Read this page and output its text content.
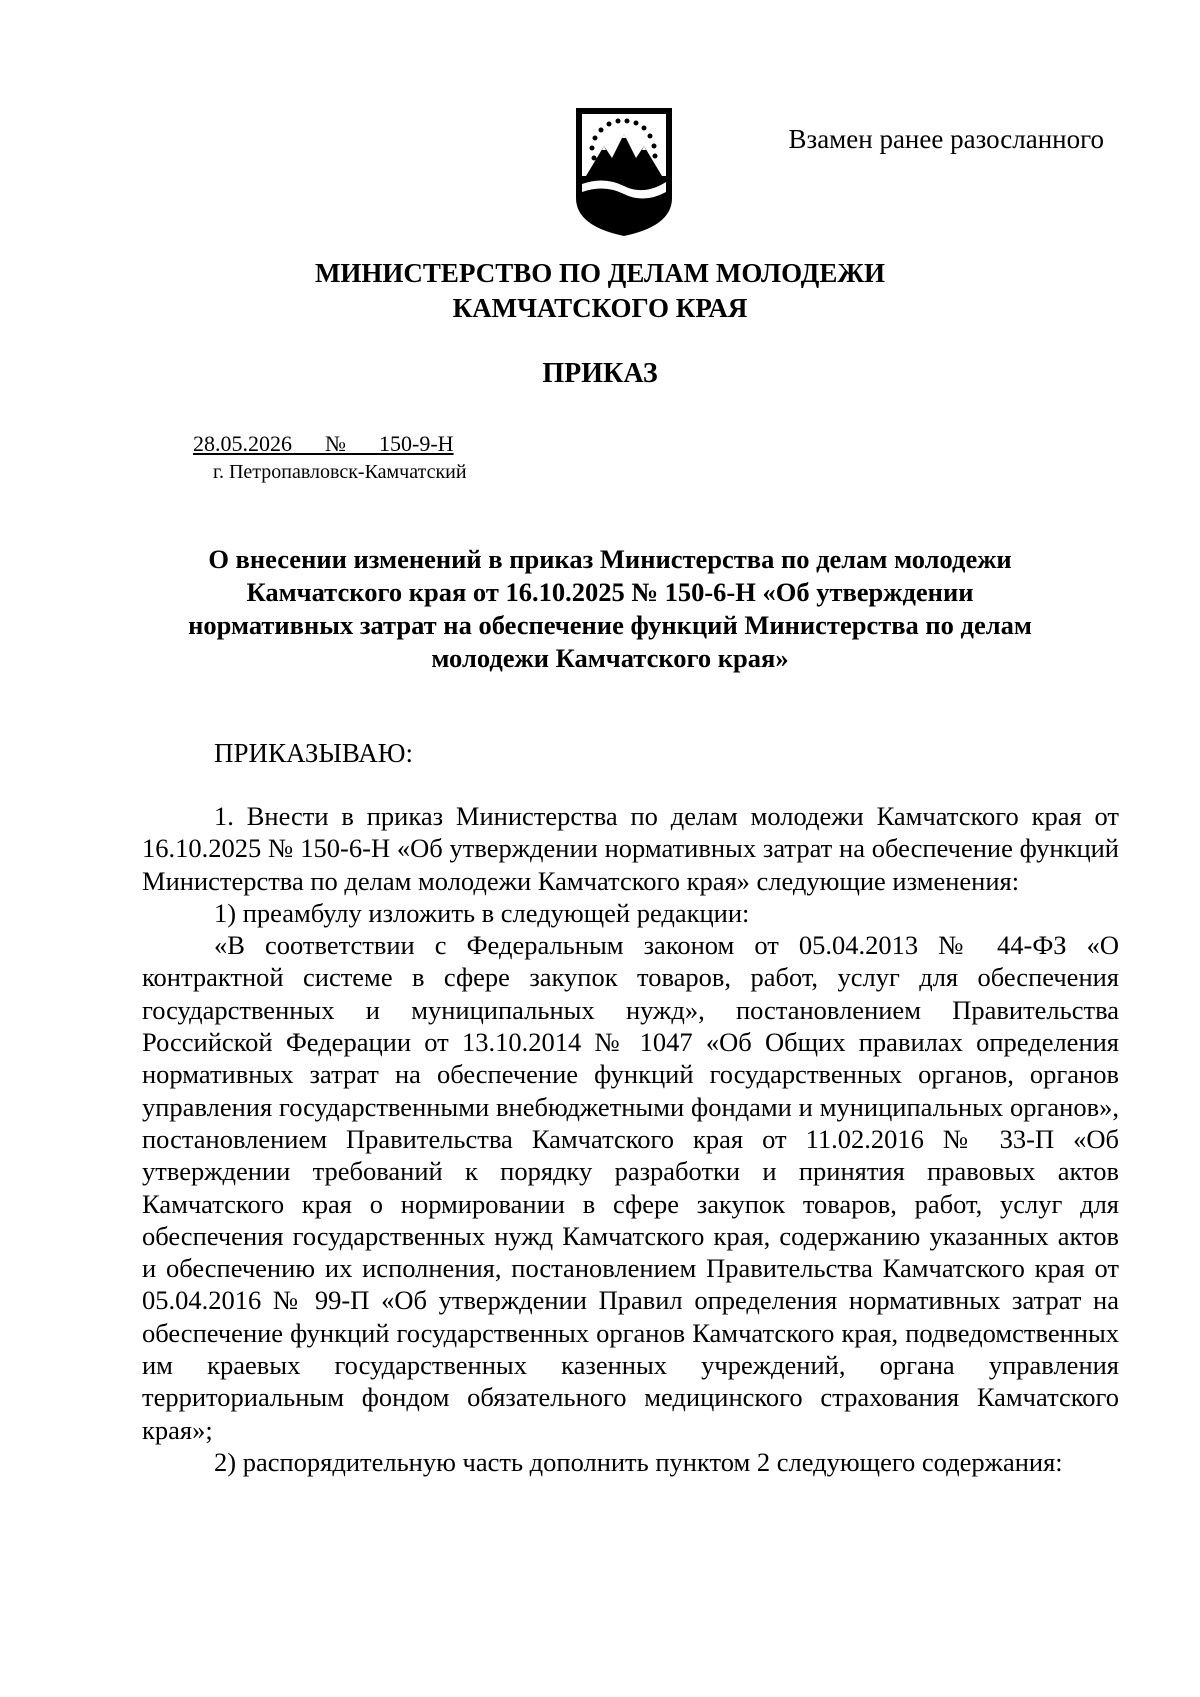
Взамен ранее разосланного
МИНИСТЕРСТВО ПО ДЕЛАМ МОЛОДЕЖИ
КАМЧАТСКОГО КРАЯ
ПРИКАЗ
28.05.2026 № 150-9-Н
г. Петропавловск-Камчатский
О внесении изменений в приказ Министерства по делам молодежи Камчатского края от 16.10.2025 № 150-6-Н «Об утверждении нормативных затрат на обеспечение функций Министерства по делам молодежи Камчатского края»
ПРИКАЗЫВАЮ:

1. Внести в приказ Министерства по делам молодежи Камчатского края от 16.10.2025 № 150-6-Н «Об утверждении нормативных затрат на обеспечение функций Министерства по делам молодежи Камчатского края» следующие изменения:

1) преамбулу изложить в следующей редакции:

«В соответствии с Федеральным законом от 05.04.2013 № 44-ФЗ «О контрактной системе в сфере закупок товаров, работ, услуг для обеспечения государственных и муниципальных нужд», постановлением Правительства Российской Федерации от 13.10.2014 № 1047 «Об Общих правилах определения нормативных затрат на обеспечение функций государственных органов, органов управления государственными внебюджетными фондами и муниципальных органов», постановлением Правительства Камчатского края от 11.02.2016 № 33-П «Об утверждении требований к порядку разработки и принятия правовых актов Камчатского края о нормировании в сфере закупок товаров, работ, услуг для обеспечения государственных нужд Камчатского края, содержанию указанных актов и обеспечению их исполнения, постановлением Правительства Камчатского края от 05.04.2016 № 99-П «Об утверждении Правил определения нормативных затрат на обеспечение функций государственных органов Камчатского края, подведомственных им краевых государственных казенных учреждений, органа управления территориальным фондом обязательного медицинского страхования Камчатского края»;

2) распорядительную часть дополнить пунктом 2 следующего содержания:
